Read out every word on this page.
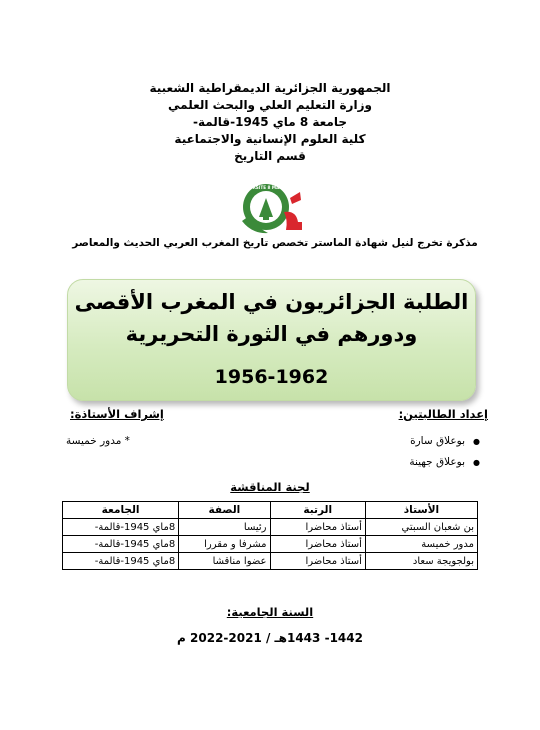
الجمهورية الجزائرية الديمقراطية الشعبية
وزارة التعليم العلي والبحث العلمي
جامعة 8 ماي 1945-قالمة-
كلية العلوم الإنسانية والاجتماعية
قسم التاريخ
UNIVERSITE 8 MAI 1945
مذكرة تخرج لنيل شهادة الماستر تخصص تاريخ المغرب العربي الحديث والمعاصر
الطلبة الجزائريون في المغرب الأقصى
ودورهم في الثورة التحريرية
1956-1962
إعداد الطالبتين:
إشراف الأستاذة:
●بوعلاق سارة
●بوعلاق جهينة
* مدور خميسة
لجنة المناقشة
الأستاذ	الرتبة	الصفة	الجامعة
بن شعبان السبتي	أستاذ محاضرا	رئيسا	8ماي 1945-قالمة-
مدور خميسة	أستاذ محاضرا	مشرفا و مقررا	8ماي 1945-قالمة-
بولجويجة سعاد	أستاذ محاضرا	عضوا مناقشا	8ماي 1945-قالمة-
السنة الجامعية:
1442- 1443هـ / 2021-2022 م
